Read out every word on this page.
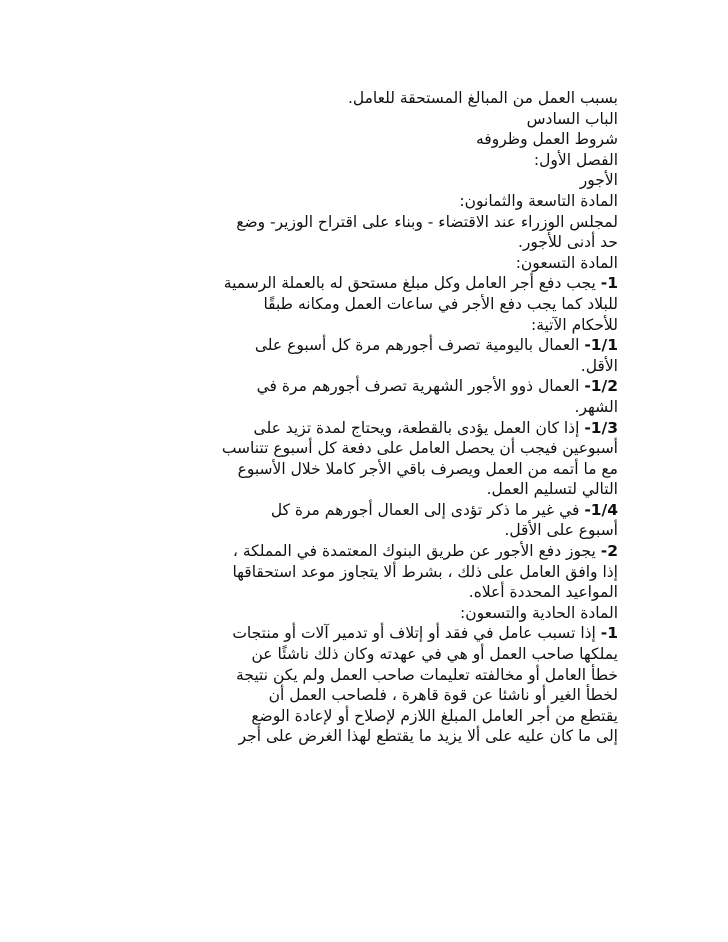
بسبب العمل من المبالغ المستحقة للعامل.
الباب السادس
شروط العمل وظروفه
الفصل الأول:
الأجور
المادة التاسعة والثمانون:
لمجلس الوزراء عند الاقتضاء - وبناء على اقتراح الوزير- وضع
حد أدنى للأجور.
المادة التسعون:
1- يجب دفع أجر العامل وكل مبلغ مستحق له بالعملة الرسمية
للبلاد كما يجب دفع الأجر في ساعات العمل ومكانه طبقًا
للأحكام الآتية:
1/1- العمال باليومية تصرف أجورهم مرة كل أسبوع على
الأقل.
1/2- العمال ذوو الأجور الشهرية تصرف أجورهم مرة في
الشهر.
1/3- إذا كان العمل يؤدى بالقطعة، ويحتاج لمدة تزيد على
أسبوعين فيجب أن يحصل العامل على دفعة كل أسبوع تتناسب
مع ما أتمه من العمل ويصرف باقي الأجر كاملا خلال الأسبوع
التالي لتسليم العمل.
1/4- في غير ما ذكر تؤدى إلى العمال أجورهم مرة كل
أسبوع على الأقل.
2- يجوز دفع الأجور عن طريق البنوك المعتمدة في المملكة ،
إذا وافق العامل على ذلك ، بشرط ألا يتجاوز موعد استحقاقها
المواعيد المحددة أعلاه.
المادة الحادية والتسعون:
1- إذا تسبب عامل في فقد أو إتلاف أو تدمير آلات أو منتجات
يملكها صاحب العمل أو هي في عهدته وكان ذلك ناشئًا عن
خطأ العامل أو مخالفته تعليمات صاحب العمل ولم يكن نتيجة
لخطأ الغير أو ناشئا عن قوة قاهرة ، فلصاحب العمل أن
يقتطع من أجر العامل المبلغ اللازم لإصلاح أو لإعادة الوضع
إلى ما كان عليه على ألا يزيد ما يقتطع لهذا الغرض على أجر
